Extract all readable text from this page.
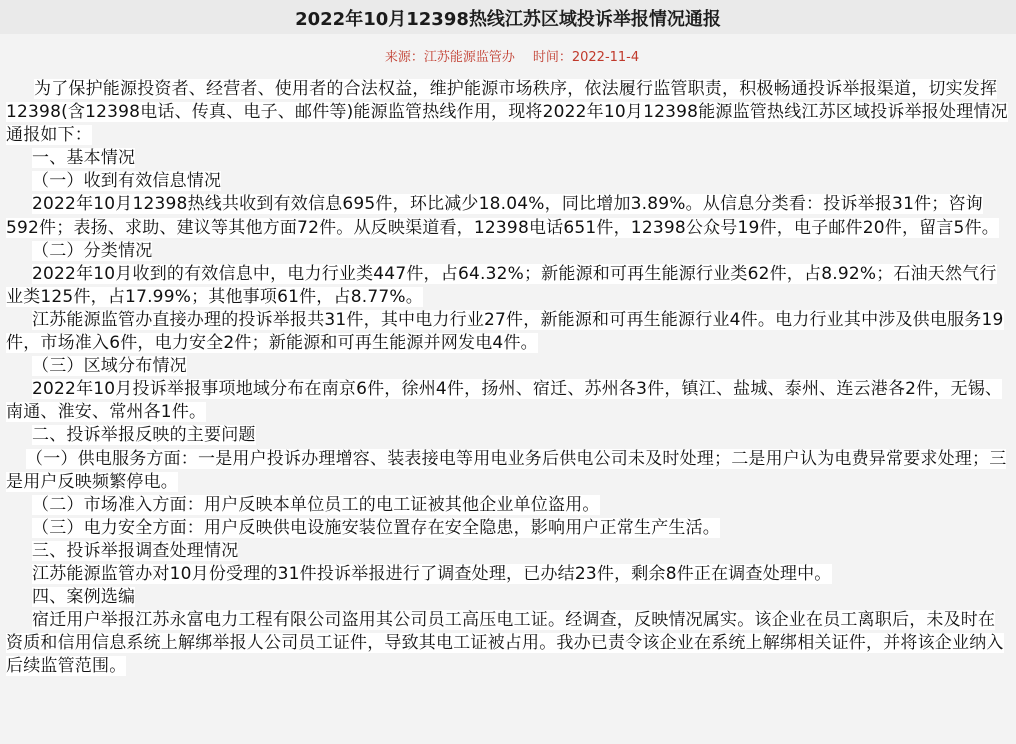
2022年10月12398热线江苏区域投诉举报情况通报
来源：江苏能源监管办 时间：2022-11-4

为了保护能源投资者、经营者、使用者的合法权益，维护能源市场秩序，依法履行监管职责，积极畅通投诉举报渠道，切实发挥12398(含12398电话、传真、电子、邮件等)能源监管热线作用，现将2022年10月12398能源监管热线江苏区域投诉举报处理情况通报如下：

一、基本情况

（一）收到有效信息情况

2022年10月12398热线共收到有效信息695件，环比减少18.04%，同比增加3.89%。从信息分类看：投诉举报31件；咨询592件；表扬、求助、建议等其他方面72件。从反映渠道看，12398电话651件，12398公众号19件，电子邮件20件，留言5件。

（二）分类情况

2022年10月收到的有效信息中，电力行业类447件，占64.32%；新能源和可再生能源行业类62件，占8.92%；石油天然气行业类125件，占17.99%；其他事项61件，占8.77%。

江苏能源监管办直接办理的投诉举报共31件，其中电力行业27件，新能源和可再生能源行业4件。电力行业其中涉及供电服务19件，市场准入6件，电力安全2件；新能源和可再生能源并网发电4件。

（三）区域分布情况

2022年10月投诉举报事项地域分布在南京6件，徐州4件，扬州、宿迁、苏州各3件，镇江、盐城、泰州、连云港各2件，无锡、南通、淮安、常州各1件。

二、投诉举报反映的主要问题

（一）供电服务方面：一是用户投诉办理增容、装表接电等用电业务后供电公司未及时处理；二是用户认为电费异常要求处理；三是用户反映频繁停电。

（二）市场准入方面：用户反映本单位员工的电工证被其他企业单位盗用。

（三）电力安全方面：用户反映供电设施安装位置存在安全隐患，影响用户正常生产生活。

三、投诉举报调查处理情况

江苏能源监管办对10月份受理的31件投诉举报进行了调查处理，已办结23件，剩余8件正在调查处理中。

四、案例选编

宿迁用户举报江苏永富电力工程有限公司盗用其公司员工高压电工证。经调查，反映情况属实。该企业在员工离职后，未及时在资质和信用信息系统上解绑举报人公司员工证件，导致其电工证被占用。我办已责令该企业在系统上解绑相关证件，并将该企业纳入后续监管范围。
